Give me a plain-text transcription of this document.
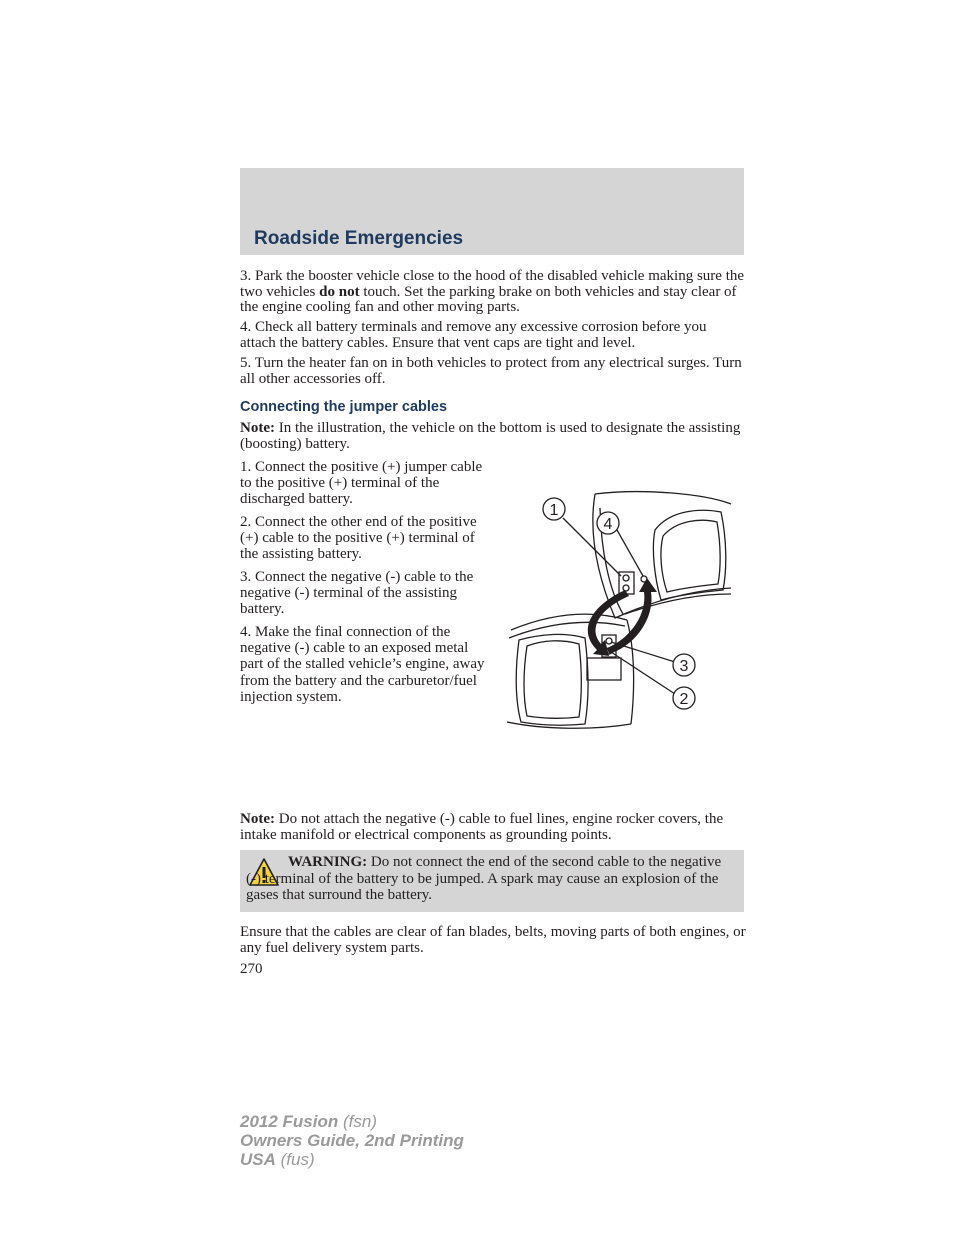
Roadside Emergencies

3. Park the booster vehicle close to the hood of the disabled vehicle making sure the two vehicles do not touch. Set the parking brake on both vehicles and stay clear of the engine cooling fan and other moving parts.

4. Check all battery terminals and remove any excessive corrosion before you attach the battery cables. Ensure that vent caps are tight and level.

5. Turn the heater fan on in both vehicles to protect from any electrical surges. Turn all other accessories off.

Connecting the jumper cables

Note: In the illustration, the vehicle on the bottom is used to designate the assisting (boosting) battery.

1. Connect the positive (+) jumper cable to the positive (+) terminal of the discharged battery.

2. Connect the other end of the positive (+) cable to the positive (+) terminal of the assisting battery.

3. Connect the negative (-) cable to the negative (-) terminal of the assisting battery.

4. Make the final connection of the negative (-) cable to an exposed metal part of the stalled vehicle’s engine, away from the battery and the carburetor/fuel injection system.

1
4
3
2

Note: Do not attach the negative (-) cable to fuel lines, engine rocker covers, the intake manifold or electrical components as grounding points.

WARNING: Do not connect the end of the second cable to the negative (-) terminal of the battery to be jumped. A spark may cause an explosion of the gases that surround the battery.

Ensure that the cables are clear of fan blades, belts, moving parts of both engines, or any fuel delivery system parts.

270

2012 Fusion (fsn)
Owners Guide, 2nd Printing
USA (fus)
